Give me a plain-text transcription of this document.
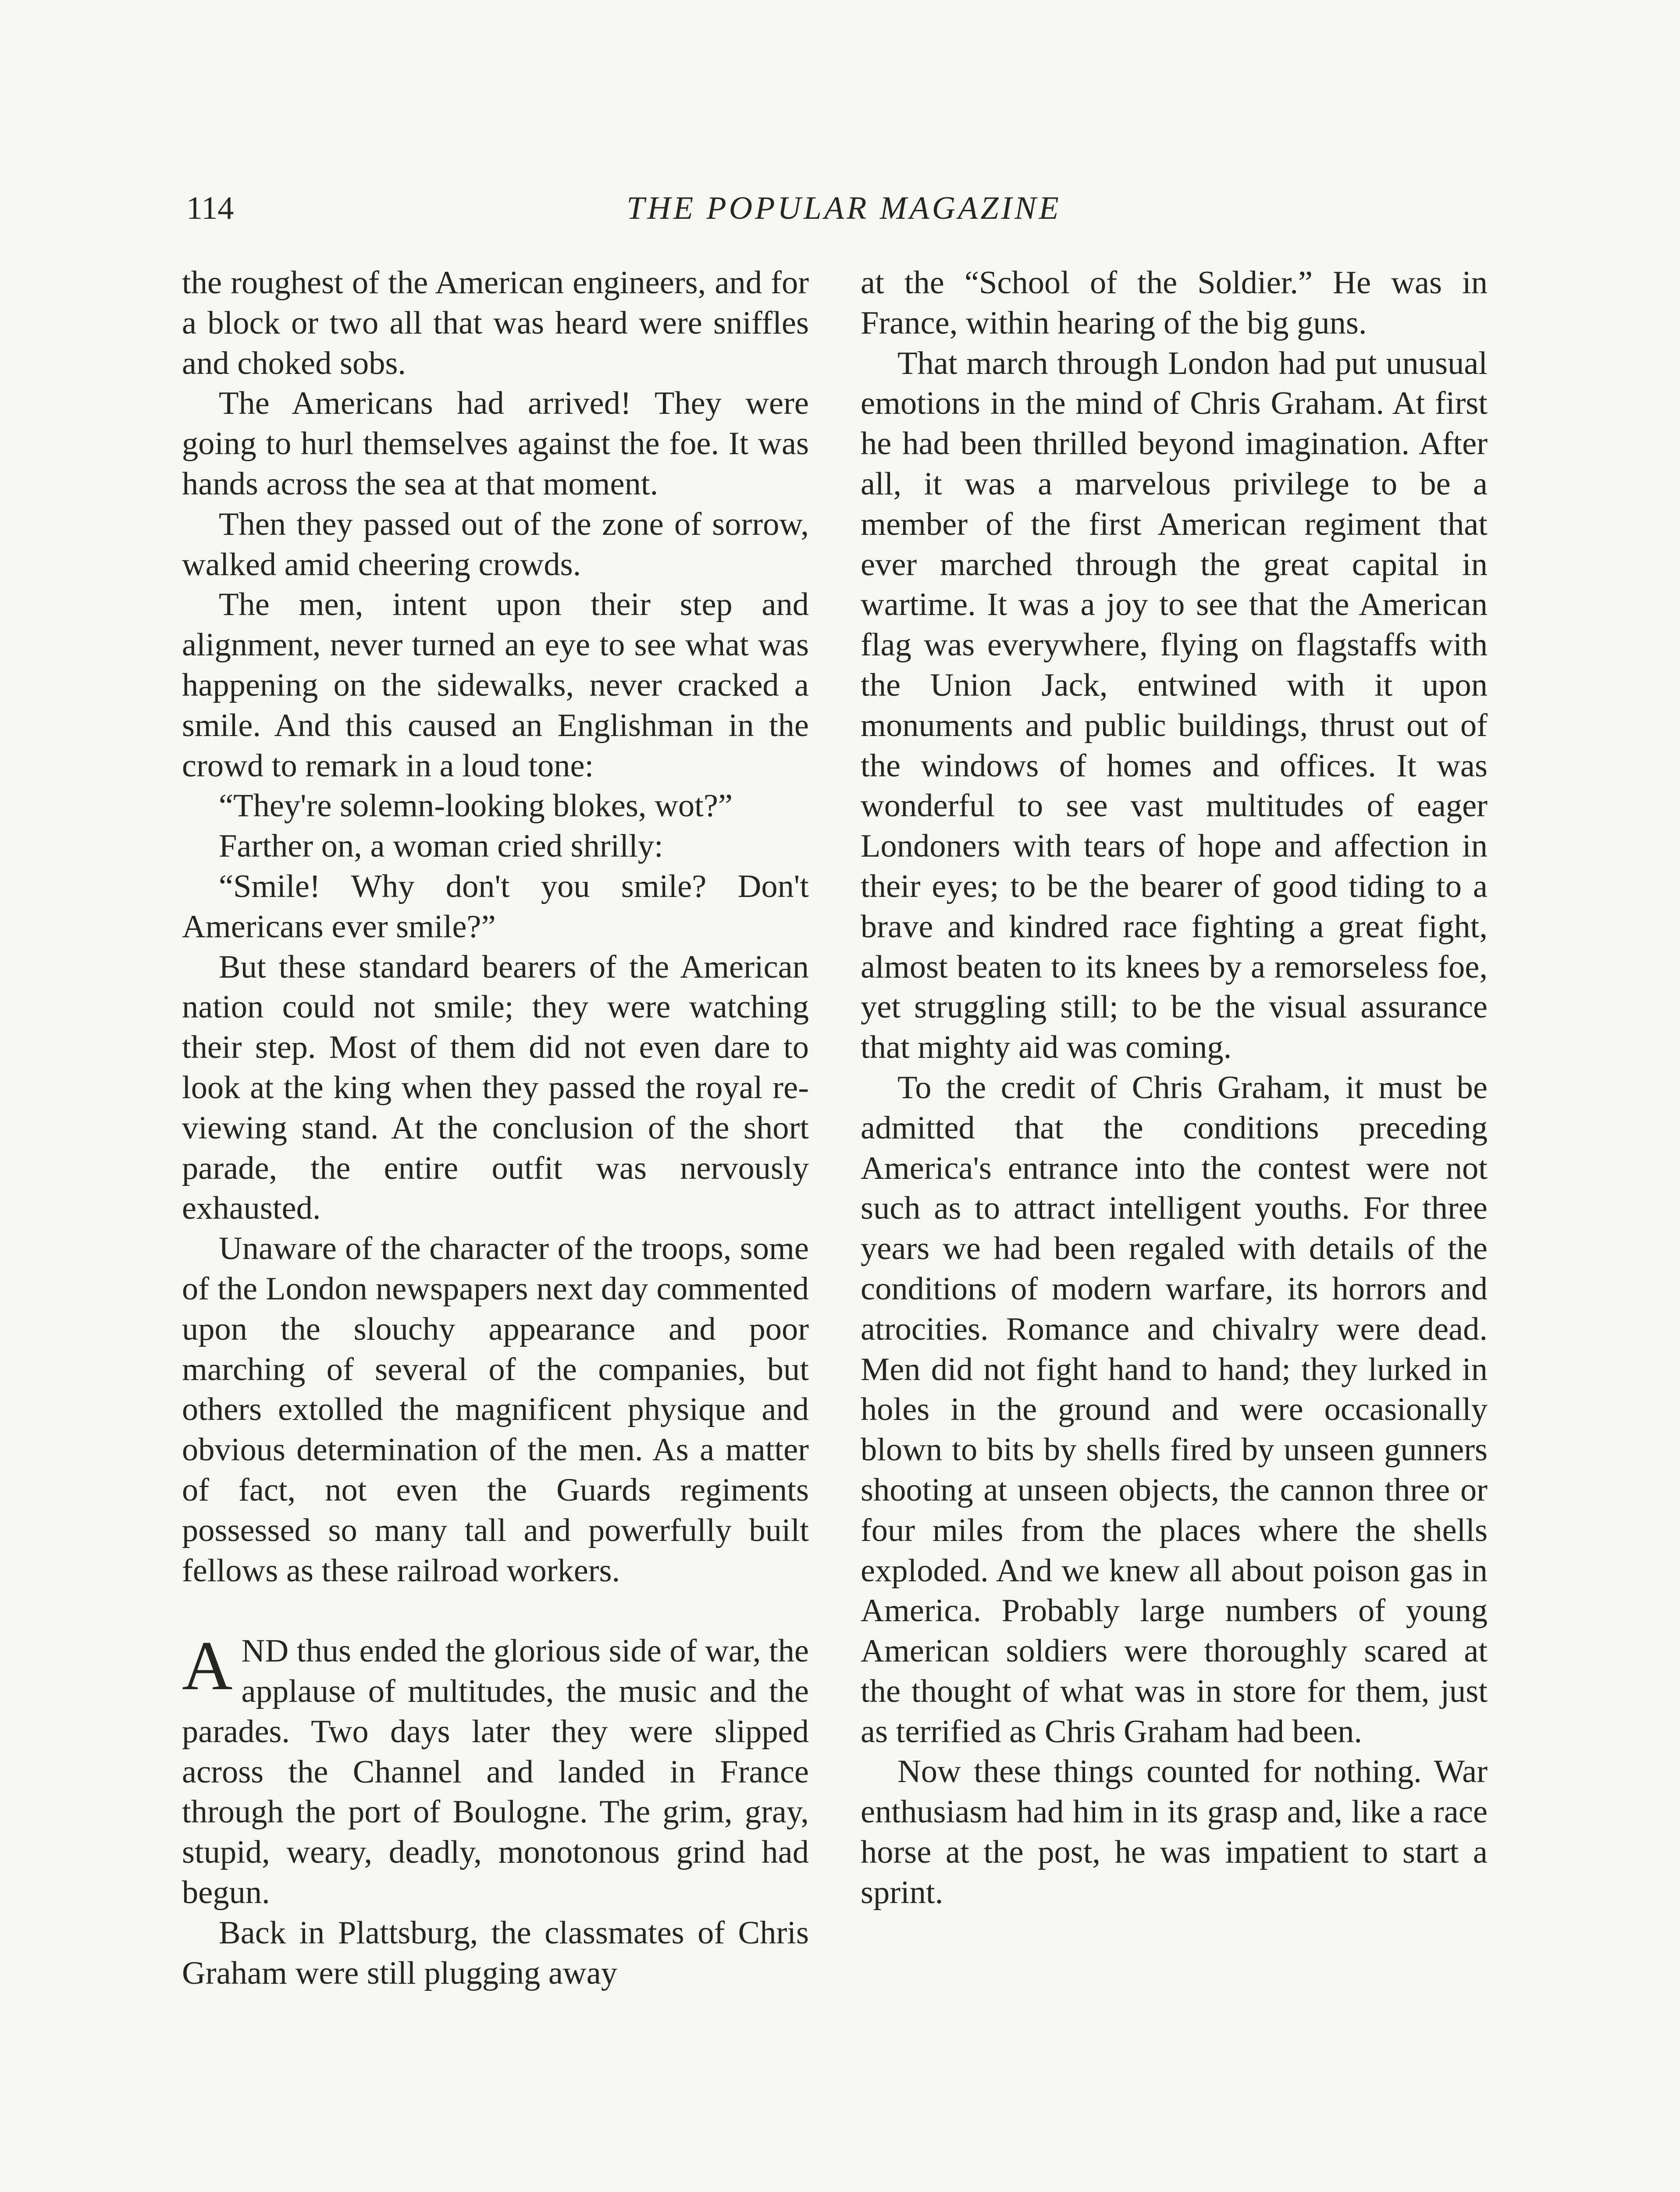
114	THE POPULAR MAGAZINE

the roughest of the American engineers, and for a block or two all that was heard were sniffles and choked sobs.

The Americans had arrived! They were going to hurl themselves against the foe. It was hands across the sea at that moment.

Then they passed out of the zone of sorrow, walked amid cheering crowds.

The men, intent upon their step and alignment, never turned an eye to see what was happening on the sidewalks, never cracked a smile. And this caused an Englishman in the crowd to remark in a loud tone:

“They're solemn-looking blokes, wot?”

Farther on, a woman cried shrilly:

“Smile! Why don't you smile? Don't Americans ever smile?”

But these standard bearers of the American nation could not smile; they were watching their step. Most of them did not even dare to look at the king when they passed the royal reviewing stand. At the conclusion of the short parade, the entire outfit was nervously exhausted.

Unaware of the character of the troops, some of the London newspapers next day commented upon the slouchy appearance and poor marching of several of the companies, but others extolled the magnificent physique and obvious determination of the men. As a matter of fact, not even the Guards regiments possessed so many tall and powerfully built fellows as these railroad workers.

AND thus ended the glorious side of war, the applause of multitudes, the music and the parades. Two days later they were slipped across the Channel and landed in France through the port of Boulogne. The grim, gray, stupid, weary, deadly, monotonous grind had begun.

Back in Plattsburg, the classmates of Chris Graham were still plugging away

at the “School of the Soldier.” He was in France, within hearing of the big guns.

That march through London had put unusual emotions in the mind of Chris Graham. At first he had been thrilled beyond imagination. After all, it was a marvelous privilege to be a member of the first American regiment that ever marched through the great capital in wartime. It was a joy to see that the American flag was everywhere, flying on flagstaffs with the Union Jack, entwined with it upon monuments and public buildings, thrust out of the windows of homes and offices. It was wonderful to see vast multitudes of eager Londoners with tears of hope and affection in their eyes; to be the bearer of good tiding to a brave and kindred race fighting a great fight, almost beaten to its knees by a remorseless foe, yet struggling still; to be the visual assurance that mighty aid was coming.

To the credit of Chris Graham, it must be admitted that the conditions preceding America's entrance into the contest were not such as to attract intelligent youths. For three years we had been regaled with details of the conditions of modern warfare, its horrors and atrocities. Romance and chivalry were dead. Men did not fight hand to hand; they lurked in holes in the ground and were occasionally blown to bits by shells fired by unseen gunners shooting at unseen objects, the cannon three or four miles from the places where the shells exploded. And we knew all about poison gas in America. Probably large numbers of young American soldiers were thoroughly scared at the thought of what was in store for them, just as terrified as Chris Graham had been.

Now these things counted for nothing. War enthusiasm had him in its grasp and, like a race horse at the post, he was impatient to start a sprint.
